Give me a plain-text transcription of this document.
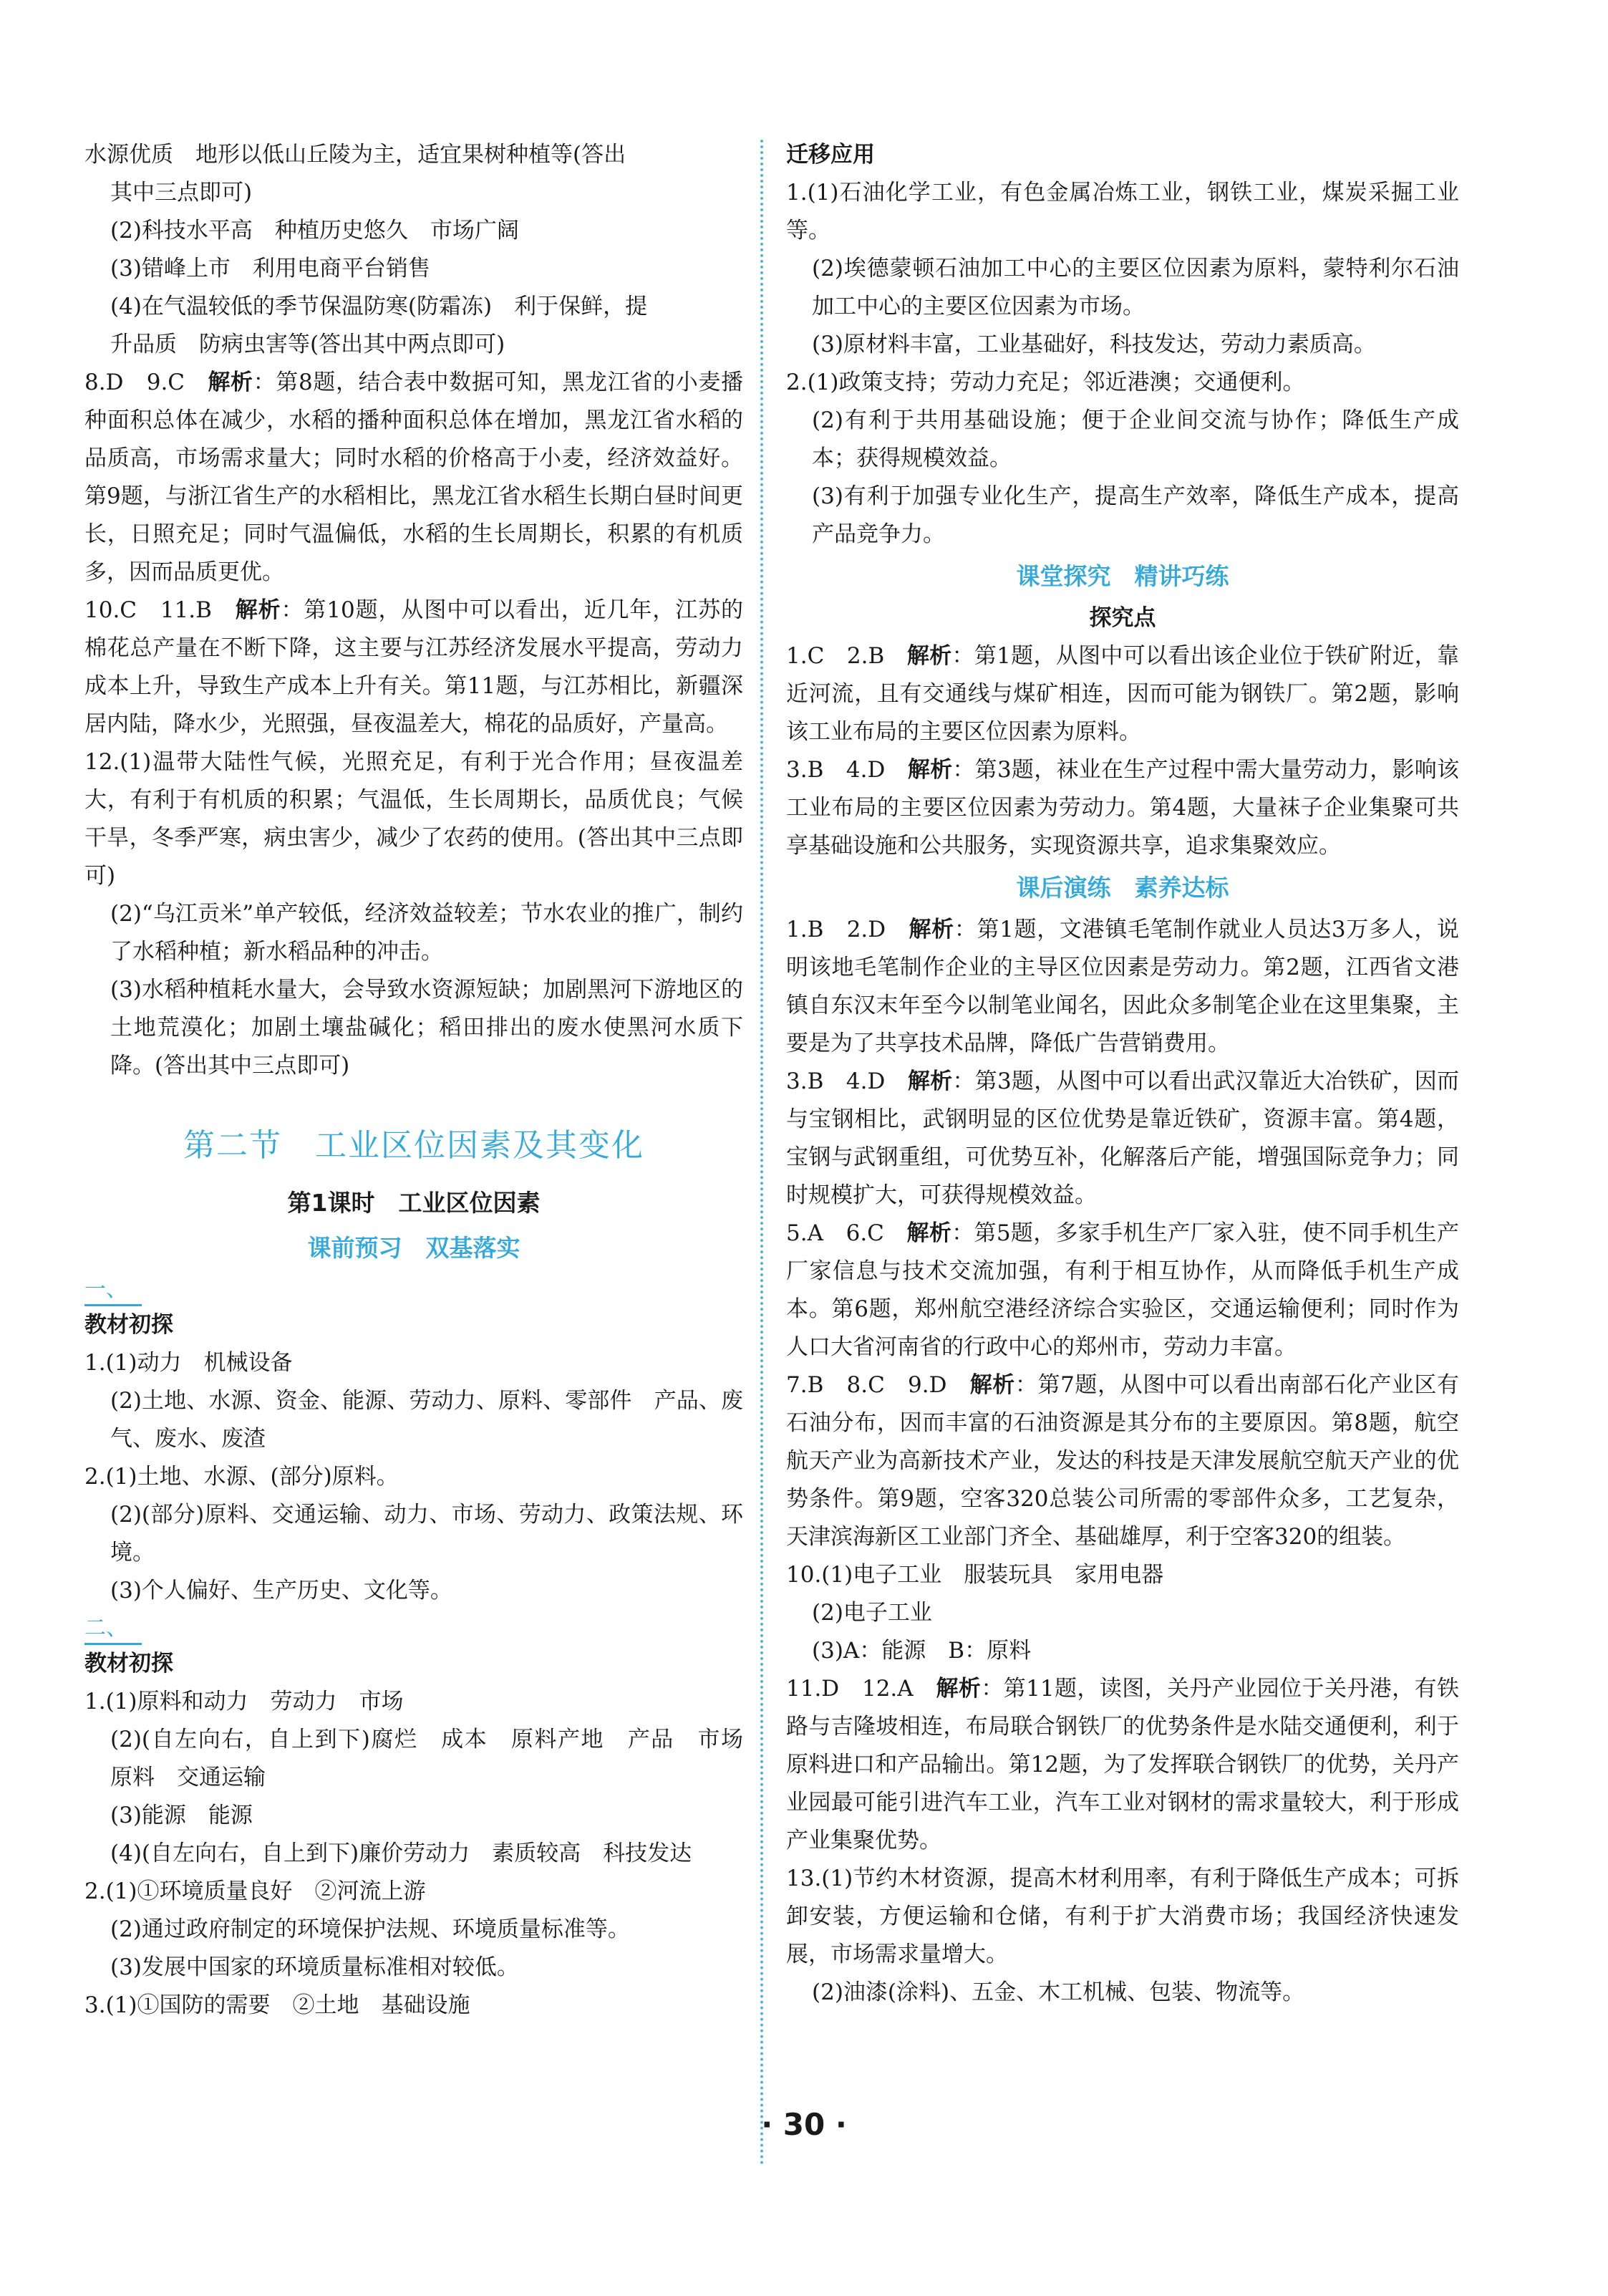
水源优质　地形以低山丘陵为主，适宜果树种植等(答出

其中三点即可)

(2)科技水平高　种植历史悠久　市场广阔

(3)错峰上市　利用电商平台销售

(4)在气温较低的季节保温防寒(防霜冻)　利于保鲜，提

升品质　防病虫害等(答出其中两点即可)

8.D　9.C　解析：第8题，结合表中数据可知，黑龙江省的小麦播种面积总体在减少，水稻的播种面积总体在增加，黑龙江省水稻的品质高，市场需求量大；同时水稻的价格高于小麦，经济效益好。第9题，与浙江省生产的水稻相比，黑龙江省水稻生长期白昼时间更长，日照充足；同时气温偏低，水稻的生长周期长，积累的有机质多，因而品质更优。

10.C　11.B　解析：第10题，从图中可以看出，近几年，江苏的棉花总产量在不断下降，这主要与江苏经济发展水平提高，劳动力成本上升，导致生产成本上升有关。第11题，与江苏相比，新疆深居内陆，降水少，光照强，昼夜温差大，棉花的品质好，产量高。

12.(1)温带大陆性气候，光照充足，有利于光合作用；昼夜温差大，有利于有机质的积累；气温低，生长周期长，品质优良；气候干旱，冬季严寒，病虫害少，减少了农药的使用。(答出其中三点即可)

(2)“乌江贡米”单产较低，经济效益较差；节水农业的推广，制约了水稻种植；新水稻品种的冲击。

(3)水稻种植耗水量大，会导致水资源短缺；加剧黑河下游地区的土地荒漠化；加剧土壤盐碱化；稻田排出的废水使黑河水质下降。(答出其中三点即可)

第二节　工业区位因素及其变化
第1课时　工业区位因素
课前预习　双基落实
一、

教材初探

1.(1)动力　机械设备

(2)土地、水源、资金、能源、劳动力、原料、零部件　产品、废气、废水、废渣

2.(1)土地、水源、(部分)原料。

(2)(部分)原料、交通运输、动力、市场、劳动力、政策法规、环境。

(3)个人偏好、生产历史、文化等。

二、

教材初探

1.(1)原料和动力　劳动力　市场

(2)(自左向右，自上到下)腐烂　成本　原料产地　产品　市场　原料　交通运输

(3)能源　能源

(4)(自左向右，自上到下)廉价劳动力　素质较高　科技发达

2.(1)①环境质量良好　②河流上游

(2)通过政府制定的环境保护法规、环境质量标准等。

(3)发展中国家的环境质量标准相对较低。

3.(1)①国防的需要　②土地　基础设施

迁移应用

1.(1)石油化学工业，有色金属冶炼工业，钢铁工业，煤炭采掘工业等。

(2)埃德蒙顿石油加工中心的主要区位因素为原料，蒙特利尔石油加工中心的主要区位因素为市场。

(3)原材料丰富，工业基础好，科技发达，劳动力素质高。

2.(1)政策支持；劳动力充足；邻近港澳；交通便利。

(2)有利于共用基础设施；便于企业间交流与协作；降低生产成本；获得规模效益。

(3)有利于加强专业化生产，提高生产效率，降低生产成本，提高产品竞争力。

课堂探究　精讲巧练

探究点

1.C　2.B　解析：第1题，从图中可以看出该企业位于铁矿附近，靠近河流，且有交通线与煤矿相连，因而可能为钢铁厂。第2题，影响该工业布局的主要区位因素为原料。

3.B　4.D　解析：第3题，袜业在生产过程中需大量劳动力，影响该工业布局的主要区位因素为劳动力。第4题，大量袜子企业集聚可共享基础设施和公共服务，实现资源共享，追求集聚效应。

课后演练　素养达标

1.B　2.D　解析：第1题，文港镇毛笔制作就业人员达3万多人，说明该地毛笔制作企业的主导区位因素是劳动力。第2题，江西省文港镇自东汉末年至今以制笔业闻名，因此众多制笔企业在这里集聚，主要是为了共享技术品牌，降低广告营销费用。

3.B　4.D　解析：第3题，从图中可以看出武汉靠近大冶铁矿，因而与宝钢相比，武钢明显的区位优势是靠近铁矿，资源丰富。第4题，宝钢与武钢重组，可优势互补，化解落后产能，增强国际竞争力；同时规模扩大，可获得规模效益。

5.A　6.C　解析：第5题，多家手机生产厂家入驻，使不同手机生产厂家信息与技术交流加强，有利于相互协作，从而降低手机生产成本。第6题，郑州航空港经济综合实验区，交通运输便利；同时作为人口大省河南省的行政中心的郑州市，劳动力丰富。

7.B　8.C　9.D　解析：第7题，从图中可以看出南部石化产业区有石油分布，因而丰富的石油资源是其分布的主要原因。第8题，航空航天产业为高新技术产业，发达的科技是天津发展航空航天产业的优势条件。第9题，空客320总装公司所需的零部件众多，工艺复杂，天津滨海新区工业部门齐全、基础雄厚，利于空客320的组装。

10.(1)电子工业　服装玩具　家用电器

(2)电子工业

(3)A：能源　B：原料

11.D　12.A　解析：第11题，读图，关丹产业园位于关丹港，有铁路与吉隆坡相连，布局联合钢铁厂的优势条件是水陆交通便利，利于原料进口和产品输出。第12题，为了发挥联合钢铁厂的优势，关丹产业园最可能引进汽车工业，汽车工业对钢材的需求量较大，利于形成产业集聚优势。

13.(1)节约木材资源，提高木材利用率，有利于降低生产成本；可拆卸安装，方便运输和仓储，有利于扩大消费市场；我国经济快速发展，市场需求量增大。

(2)油漆(涂料)、五金、木工机械、包装、物流等。

· 30 ·
